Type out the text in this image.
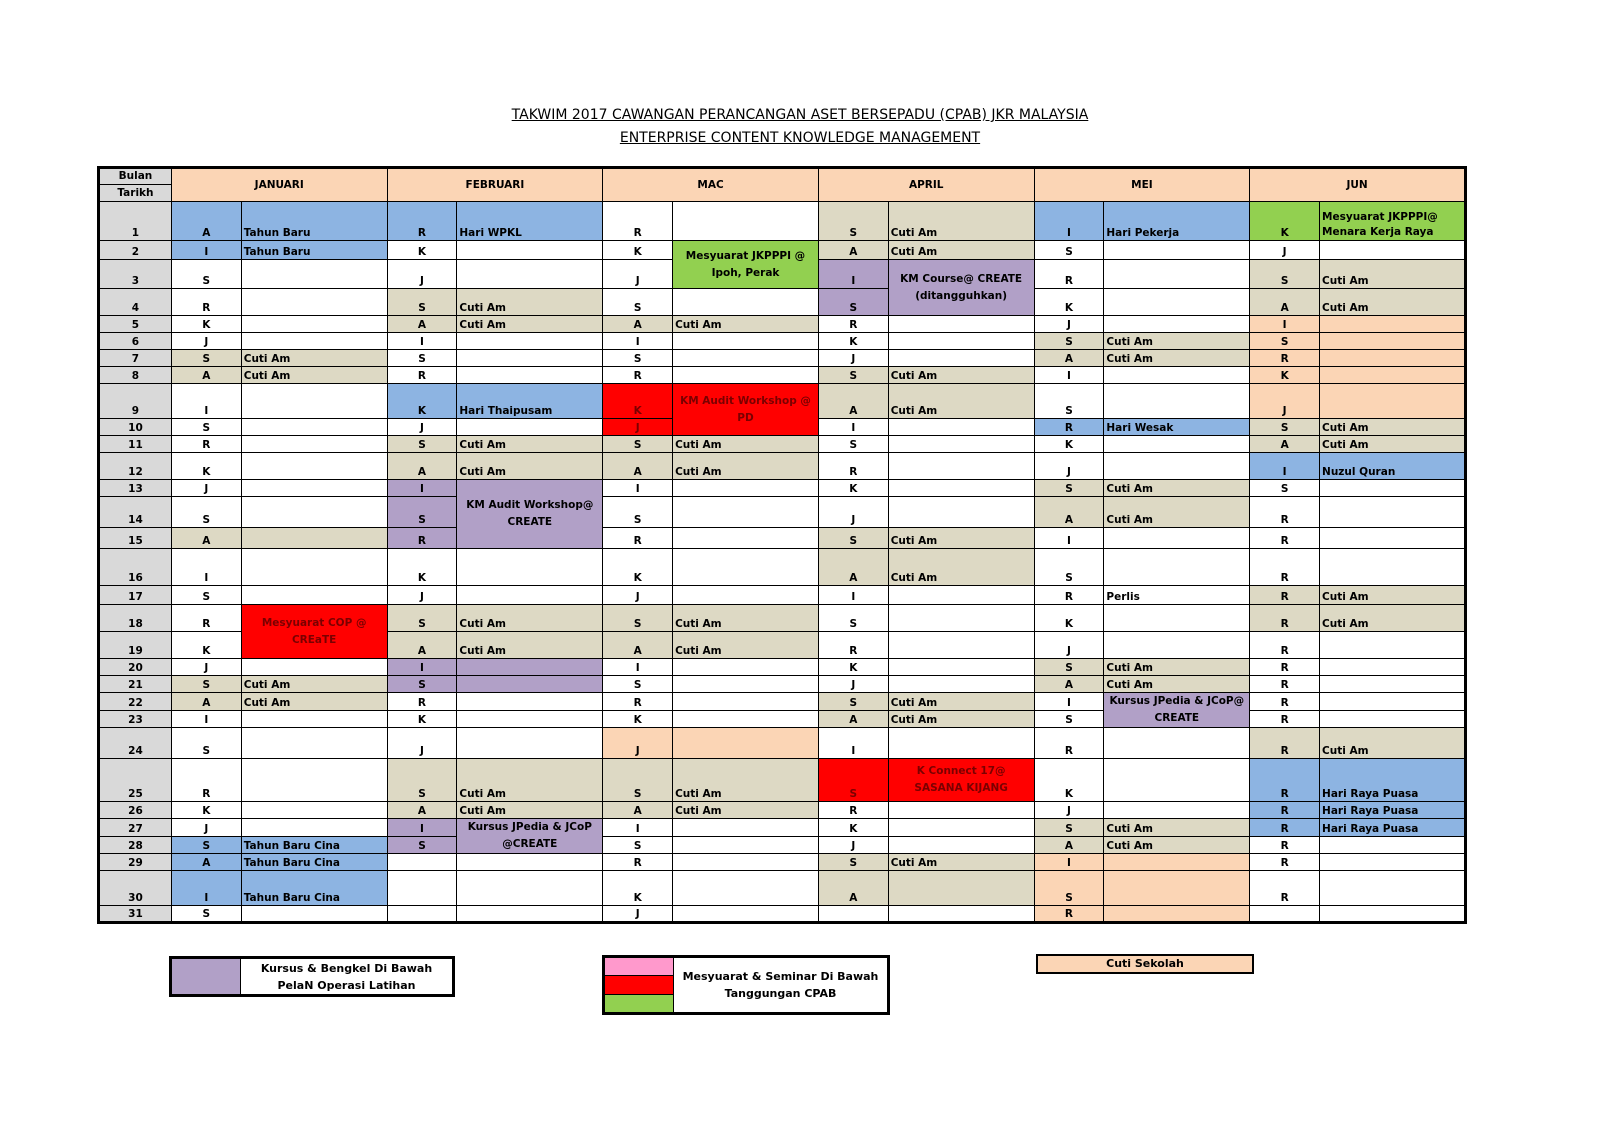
TAKWIM 2017 CAWANGAN PERANCANGAN ASET BERSEPADU (CPAB) JKR MALAYSIA
ENTERPRISE CONTENT KNOWLEDGE MANAGEMENT
Bulan	JANUARI		FEBRUARI		MAC		APRIL		MEI		JUN	
Tarikh												
1	A	Tahun Baru	R	Hari WPKL	R		S	Cuti Am	I	Hari Pekerja	K	Mesyuarat JKPPPI@ Menara Kerja Raya
2	I	Tahun Baru	K		K	Mesyuarat JKPPPI @ Ipoh, Perak	A	Cuti Am	S		J	
3	S		J		J		I	KM Course@ CREATE (ditangguhkan)	R		S	Cuti Am
4	R		S	Cuti Am	S		S		K		A	Cuti Am
5	K		A	Cuti Am	A	Cuti Am	R		J		I	
6	J		I		I		K		S	Cuti Am	S	
7	S	Cuti Am	S		S		J		A	Cuti Am	R	
8	A	Cuti Am	R		R		S	Cuti Am	I		K	
9	I		K	Hari Thaipusam	K	KM Audit Workshop @ PD	A	Cuti Am	S		J	
10	S		J		J		I		R	Hari Wesak	S	Cuti Am
11	R		S	Cuti Am	S	Cuti Am	S		K		A	Cuti Am
12	K		A	Cuti Am	A	Cuti Am	R		J		I	Nuzul Quran
13	J		I	KM Audit Workshop@ CREATE	I		K		S	Cuti Am	S	
14	S		S		S		J		A	Cuti Am	R	
15	A		R		R		S	Cuti Am	I		R	
16	I		K		K		A	Cuti Am	S		R	
17	S		J		J		I		R	Perlis	R	Cuti Am
18	R	Mesyuarat COP @ CREaTE	S	Cuti Am	S	Cuti Am	S		K		R	Cuti Am
19	K		A	Cuti Am	A	Cuti Am	R		J		R	
20	J		I		I		K		S	Cuti Am	R	
21	S	Cuti Am	S		S		J		A	Cuti Am	R	
22	A	Cuti Am	R		R		S	Cuti Am	I	Kursus JPedia & JCoP@ CREATE	R	
23	I		K		K		A	Cuti Am	S		R	
24	S		J		J		I		R		R	Cuti Am
25	R		S	Cuti Am	S	Cuti Am	S	K Connect 17@ SASANA KIJANG	K		R	Hari Raya Puasa
26	K		A	Cuti Am	A	Cuti Am	R		J		R	Hari Raya Puasa
27	J		I	Kursus JPedia & JCoP @CREATE	I		K		S	Cuti Am	R	Hari Raya Puasa
28	S	Tahun Baru Cina	S		S		J		A	Cuti Am	R	
29	A	Tahun Baru Cina			R		S	Cuti Am	I		R	
30	I	Tahun Baru Cina			K		A		S		R	
31	S				J				R			
Kursus & Bengkel Di Bawah PelaN Operasi Latihan
Mesyuarat & Seminar Di Bawah Tanggungan CPAB
Cuti Sekolah
